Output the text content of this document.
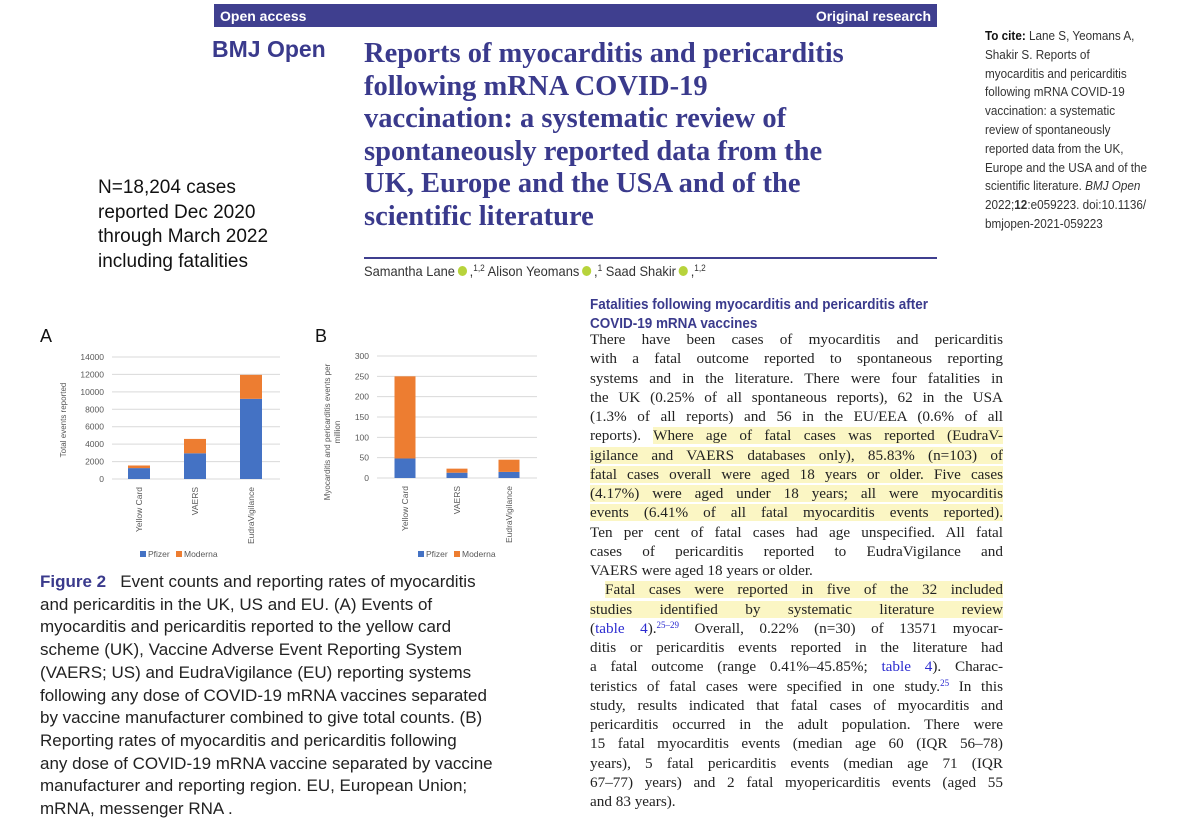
Open access	Original research
BMJ Open Reports of myocarditis and pericarditis
following mRNA COVID-19
vaccination: a systematic review of
spontaneously reported data from the
UK, Europe and the USA and of the
scientific literature
Samantha Lane ,$^{1,2}$ Alison Yeomans ,$^1$ Saad Shakir ,$^{1,2}$
To cite: Lane S, Yeomans A,
Shakir S. Reports of
myocarditis and pericarditis
following mRNA COVID-19
vaccination: a systematic
review of spontaneously
reported data from the UK,
Europe and the USA and of the
scientific literature. BMJ Open
2022;12:e059223. doi:10.1136/
bmjopen-2021-059223
N=18,204 cases
reported Dec 2020
through March 2022
including fatalities
Fatalities following myocarditis and pericarditis after
COVID-19 mRNA vaccines
There have been cases of myocarditis and pericarditis
with a fatal outcome reported to spontaneous reporting
systems and in the literature. There were four fatalities in
the UK (0.25% of all spontaneous reports), 62 in the USA
(1.3% of all reports) and 56 in the EU/EEA (0.6% of all
reports). Where age of fatal cases was reported (EudraV-
igilance and VAERS databases only), 85.83% (n=103) of
fatal cases overall were aged 18 years or older. Five cases
(4.17%) were aged under 18 years; all were myocarditis
events (6.41% of all fatal myocarditis events reported).
Ten per cent of fatal cases had age unspecified. All fatal
cases of pericarditis reported to EudraVigilance and
VAERS were aged 18 years or older.
Fatal cases were reported in five of the 32 included
studies identified by systematic literature review
(table 4).$^{25-29}$ Overall, 0.22% (n=30) of 13571 myocar-
ditis or pericarditis events reported in the literature had
a fatal outcome (range 0.41%–45.85%; table 4). Charac-
teristics of fatal cases were specified in one study.$^{25}$ In this
study, results indicated that fatal cases of myocarditis and
pericarditis occurred in the adult population. There were
15 fatal myocarditis events (median age 60 (IQR 56–78)
years), 5 fatal pericarditis events (median age 71 (IQR
67–77) years) and 2 fatal myopericarditis events (aged 55
and 83 years).
A	B
0
2000
4000
6000
8000
10000
12000
14000
Yellow Card	VAERS	EudraVigilance
Total events reported
Pfizer Moderna
0
50
100
150
200
250
300
Yellow Card	VAERS	EudraVigilance
Myocarditis and pericarditis events per million
Pfizer Moderna
Figure 2 Event counts and reporting rates of myocarditis
and pericarditis in the UK, US and EU. (A) Events of
myocarditis and pericarditis reported to the yellow card
scheme (UK), Vaccine Adverse Event Reporting System
(VAERS; US) and EudraVigilance (EU) reporting systems
following any dose of COVID-19 mRNA vaccines separated
by vaccine manufacturer combined to give total counts. (B)
Reporting rates of myocarditis and pericarditis following
any dose of COVID-19 mRNA vaccine separated by vaccine
manufacturer and reporting region. EU, European Union;
mRNA, messenger RNA .
